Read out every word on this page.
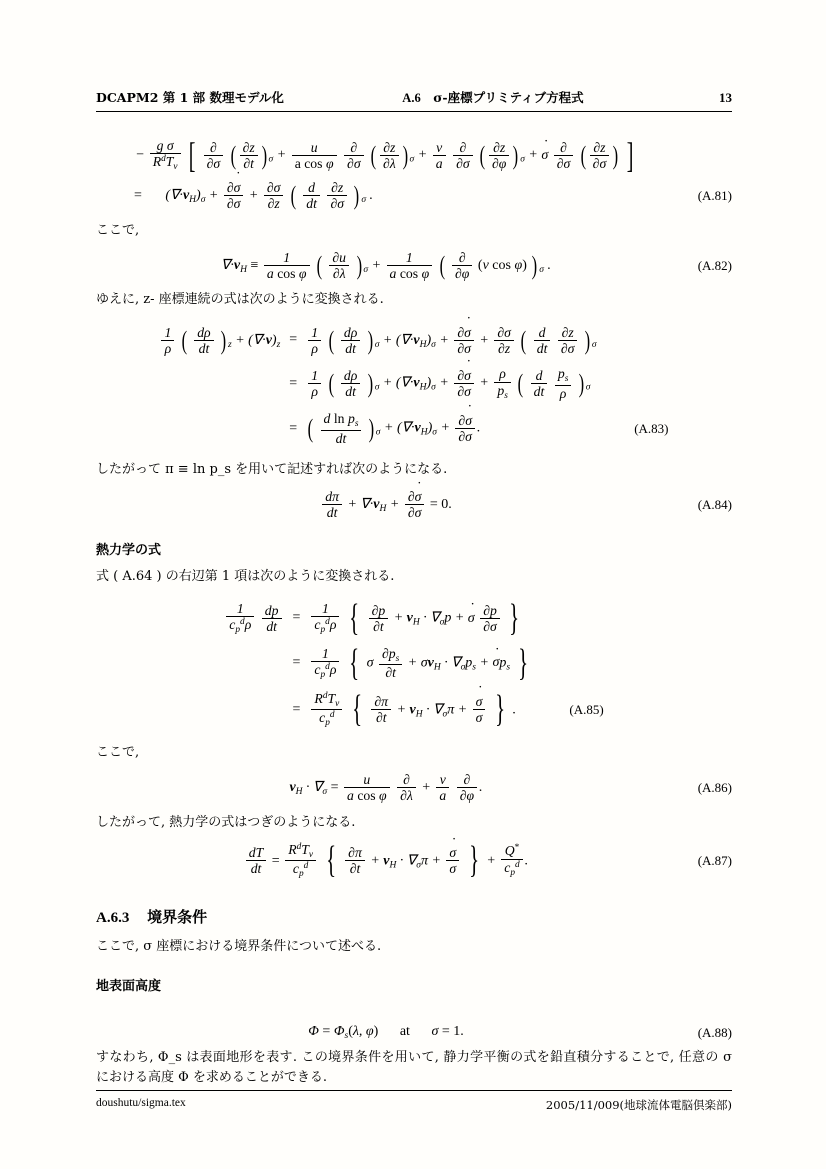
DCAPM2 第 1 部 数理モデル化	A.6 σ-座標プリミティブ方程式	13
− $\frac{\text{g σ}}{R^dT_v}$ [ $\frac{\partial}{\partial\sigma}$ ( $\frac{\partial z}{\partial t}$ ) $_\sigma + \frac{u}{\text{a cos φ}}$
$\frac{\partial}{\partial\sigma}$ ( $\frac{\partial z}{\partial\lambda}$ ) $_\sigma + \frac{v}{a}$
$\frac{\partial}{\partial\sigma}$ ( $\frac{\partial z}{\partial\varphi}$ ) $_\sigma$ + σ ˙ $\frac{\partial}{\partial\sigma}$ ( $\frac{\partial z}{\partial\sigma}$ ) ]
= $(\nabla\cdot v_H)_\sigma + \frac{\partial\sigma ˙}{\partial\sigma} + \frac{\partial\sigma}{\partial z}$ ( $\frac{d}{dt}$
$\frac{\partial z}{\partial\sigma}$ ) $_\sigma$ .	(A.81)

ここで,

$\nabla\cdot v_H \equiv \frac{1}{\text{a cos φ}}$ ( $\frac{\partial u}{\partial\lambda}$ ) $_\sigma + \frac{1}{\text{a cos φ}}$ ( $\frac{\partial}{\partial\varphi} (v$ cos φ) ) $_\sigma$ .	(A.82)

ゆえに, z- 座標連続の式は次のように変換される.

$\frac{1}{\rho}$ ( $\frac{d\rho}{dt}$ ) $_z + (\nabla\cdot v)_z$	=	$\frac{1}{\rho}$ ( $\frac{d\rho}{dt}$ ) $_\sigma + (\nabla\cdot v_H)_\sigma + \frac{\partial\sigma ˙}{\partial\sigma} + \frac{\partial\sigma}{\partial z}$ ( $\frac{d}{dt}$
$\frac{\partial z}{\partial\sigma}$ ) $_\sigma$	
	=	$\frac{1}{\rho}$ ( $\frac{d\rho}{dt}$ ) $_\sigma + (\nabla\cdot v_H)_\sigma + \frac{\partial\sigma ˙}{\partial\sigma} + \frac{\rho}{p_s}$ ( $\frac{d}{dt}$
$\frac{p_s}{\rho}$ ) $_\sigma$	
	=	( $\frac{d \ln p_s}{dt}$ ) $_\sigma + (\nabla\cdot v_H)_\sigma + \frac{\partial\sigma ˙}{\partial\sigma}$ .	(A.83)

したがって π ≡ ln p_s を用いて記述すれば次のようになる.

$\frac{d\pi}{dt} + \nabla\cdot v_H + \frac{\partial\sigma ˙}{\partial\sigma} = 0$.	(A.84)
熱力学の式

式 ( A.64 ) の右辺第 1 項は次のように変換される.

$\frac{1}{c_p^d\rho}$
$\frac{dp}{dt}$	=	$\frac{1}{c_p^d\rho}$ { $\frac{\partial p}{\partial t} + v_H \cdot \nabla_\sigma p + \sigma$ ˙ $\frac{\partial p}{\partial\sigma}$ }	
	=	$\frac{1}{c_p^d\rho}$ { σ $\frac{\partial p_s}{\partial t} + \sigma v_H \cdot \nabla_\sigma p_s + \sigma$ $˙p_s$ }	
	=	$\frac{R^dT_v}{c_p^d}$ { $\frac{\partial\pi}{\partial t} + v_H \cdot \nabla_\sigma\pi + \frac{\sigma ˙}{\sigma}$ } .	(A.85)

ここで,

$v_H \cdot \nabla_\sigma = \frac{u}{\text{a cos φ}}$
$\frac{\partial}{\partial\lambda} + \frac{v}{a}$
$\frac{\partial}{\partial\varphi}$ .	(A.86)

したがって, 熱力学の式はつぎのようになる.

$\frac{dT}{dt} = \frac{R^dT_v}{c_p^d}$ { $\frac{\partial\pi}{\partial t} + v_H \cdot \nabla_\sigma\pi + \frac{\sigma ˙}{\sigma}$ } + $\frac{Q^*}{c_p^d}$ .	(A.87)
A.6.3 境界条件

ここで, σ 座標における境界条件について述べる.

地表面高度
$\Phi = \Phi_s(\lambda$, φ) at σ = 1.	(A.88)

すなわち, Φ_s は表面地形を表す. この境界条件を用いて, 静力学平衡の式を鉛直積分することで, 任意の σ における高度 Φ を求めることができる.

doushutu/sigma.tex	2005/11/009(地球流体電脳倶楽部)
